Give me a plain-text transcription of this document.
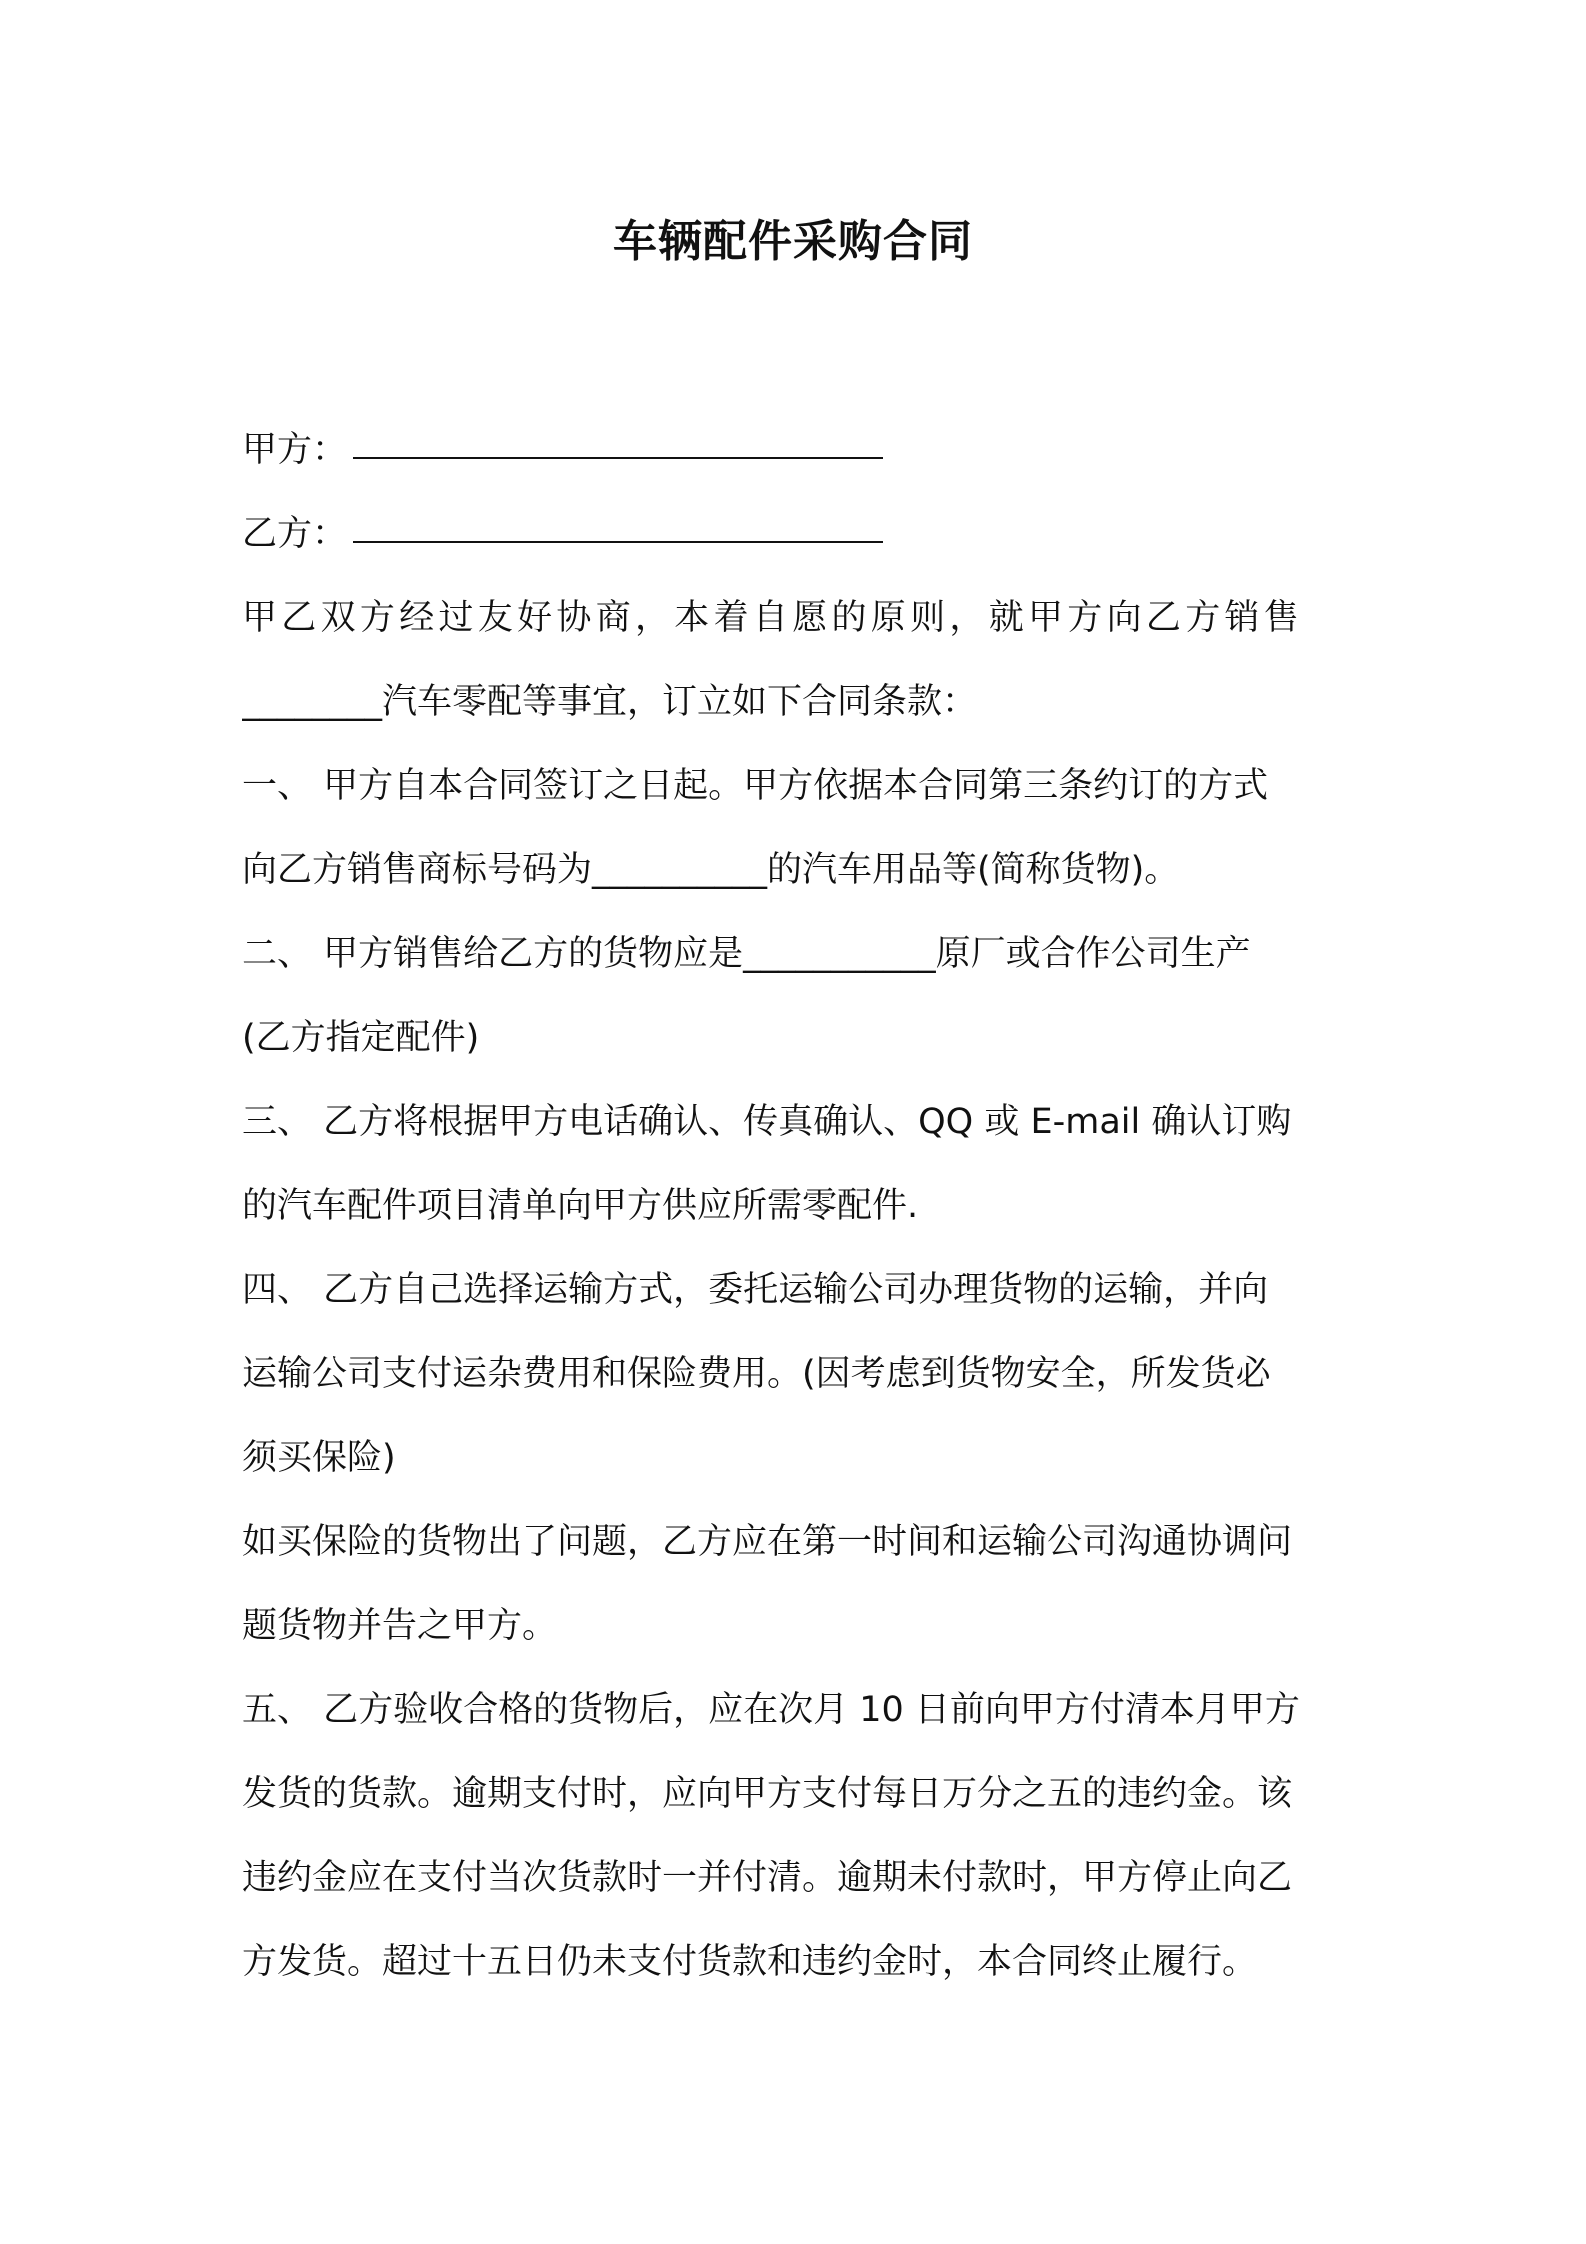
车辆配件采购合同
甲方：
乙方：
甲乙双方经过友好协商，本着自愿的原则，就甲方向乙方销售
________汽车零配等事宜，订立如下合同条款：
一、 甲方自本合同签订之日起。甲方依据本合同第三条约订的方式
向乙方销售商标号码为__________的汽车用品等(简称货物)。
二、 甲方销售给乙方的货物应是___________原厂或合作公司生产
(乙方指定配件)
三、 乙方将根据甲方电话确认、传真确认、QQ 或 E-mail 确认订购
的汽车配件项目清单向甲方供应所需零配件.
四、 乙方自己选择运输方式，委托运输公司办理货物的运输，并向
运输公司支付运杂费用和保险费用。(因考虑到货物安全，所发货必
须买保险)
如买保险的货物出了问题，乙方应在第一时间和运输公司沟通协调问
题货物并告之甲方。
五、 乙方验收合格的货物后，应在次月 10 日前向甲方付清本月甲方
发货的货款。逾期支付时，应向甲方支付每日万分之五的违约金。该
违约金应在支付当次货款时一并付清。逾期未付款时，甲方停止向乙
方发货。超过十五日仍未支付货款和违约金时，本合同终止履行。
